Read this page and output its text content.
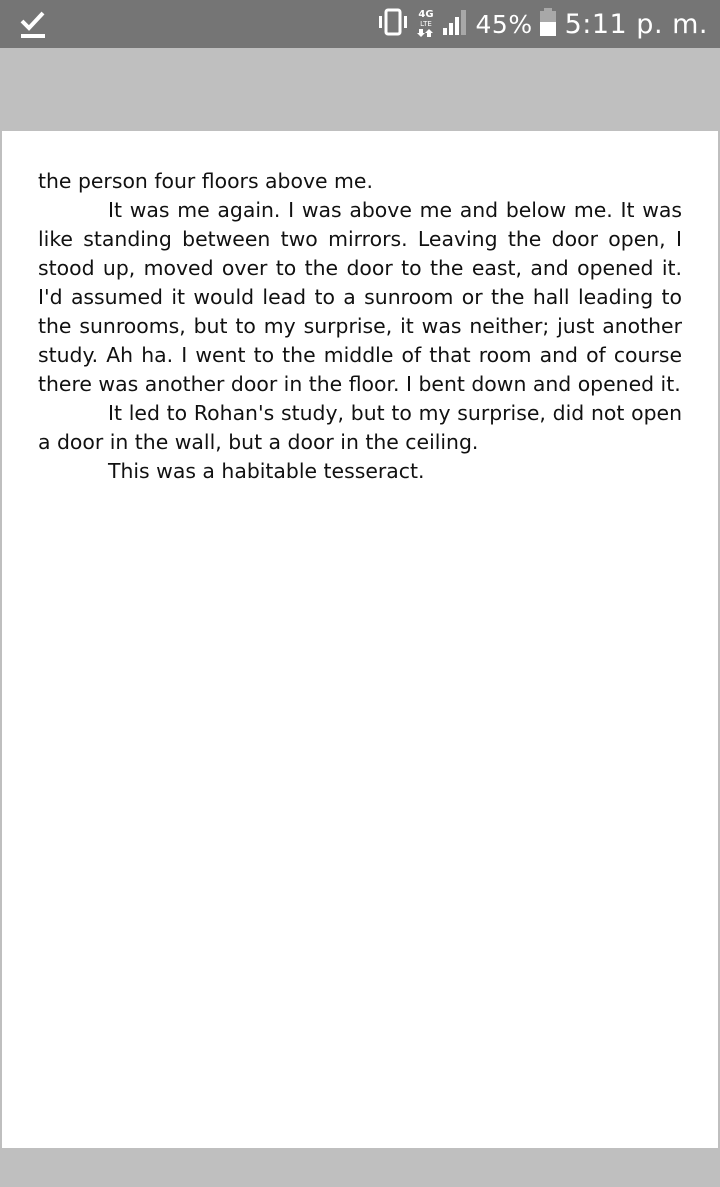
4G
LTE 45% 5:11 p. m.

the person four floors above me.

It was me again. I was above me and below me. It was like standing between two mirrors. Leaving the door open, I stood up, moved over to the door to the east, and opened it. I'd assumed it would lead to a sunroom or the hall leading to the sunrooms, but to my surprise, it was neither; just another study. Ah ha. I went to the middle of that room and of course there was another door in the floor. I bent down and opened it.

It led to Rohan's study, but to my surprise, did not open a door in the wall, but a door in the ceiling.

This was a habitable tesseract.
